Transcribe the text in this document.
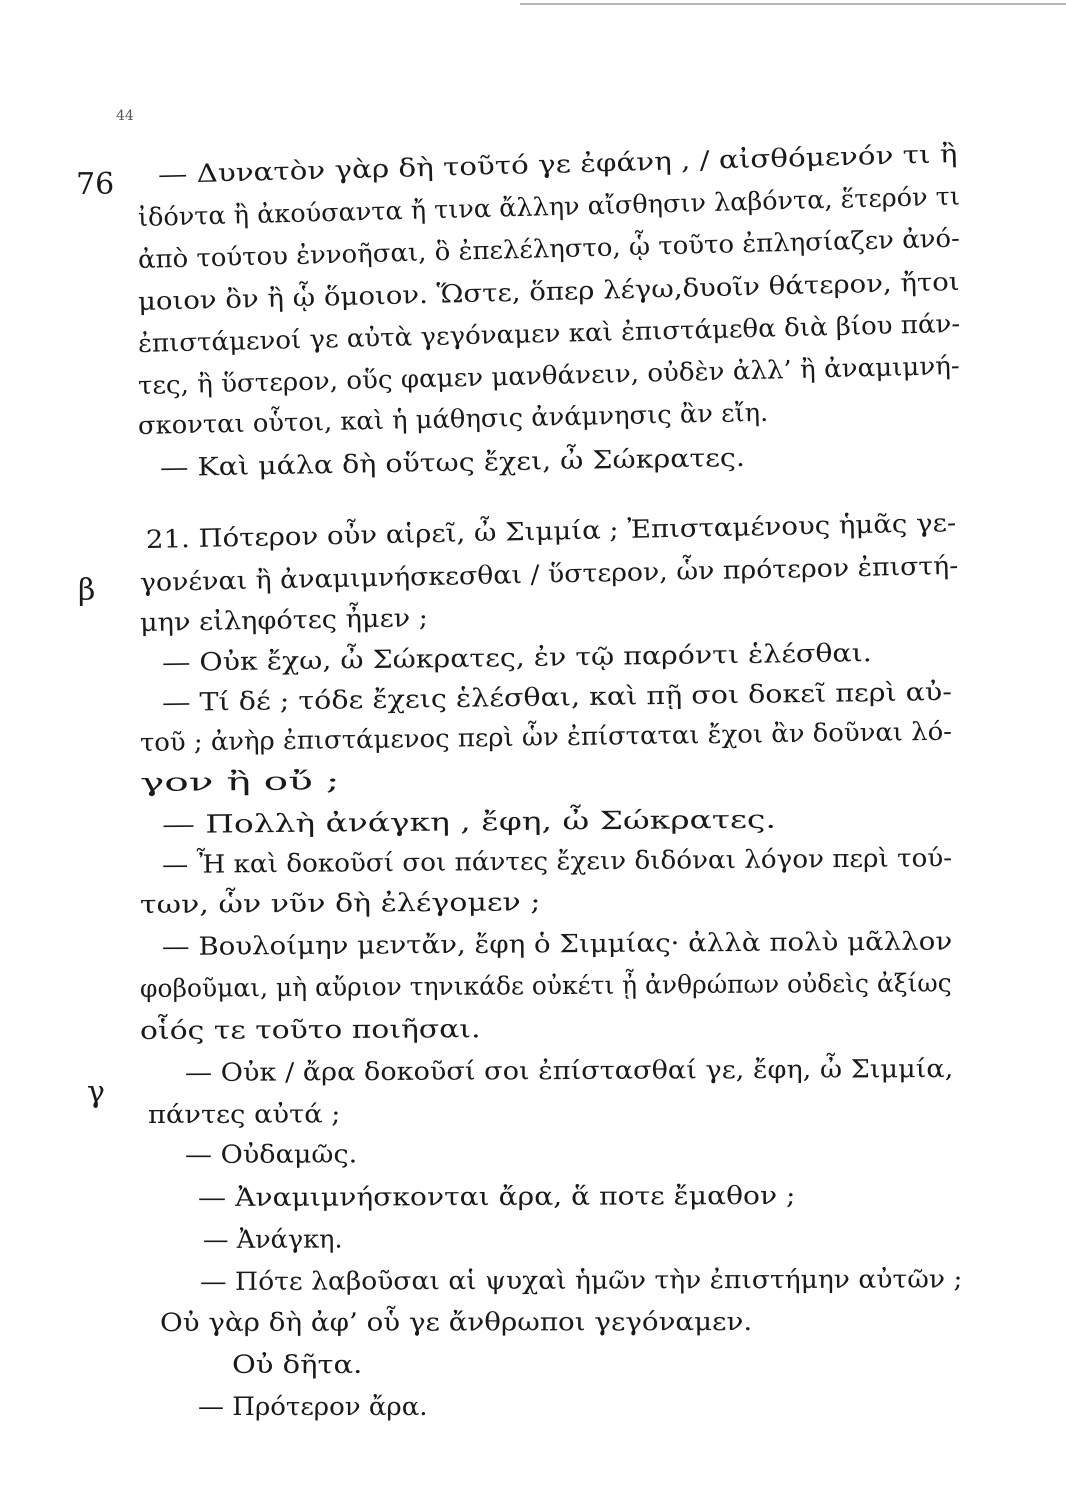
44
76
β
γ
— Δυνατὸν γὰρ δὴ τοῦτό γε ἐφάνη , / αἰσθόμενόν τι ἢ
ἰδόντα ἢ ἀκούσαντα ἤ τινα ἄλλην αἴσθησιν λαβόντα, ἕτερόν τι
ἀπὸ τούτου ἐννοῆσαι, ὃ ἐπελέληστο, ᾧ τοῦτο ἐπλησίαζεν ἀνό-
μοιον ὂν ἢ ᾧ ὅμοιον. Ὥστε, ὅπερ λέγω,δυοῖν θάτερον, ἤτοι
ἐπιστάμενοί γε αὐτὰ γεγόναμεν καὶ ἐπιστάμεθα διὰ βίου πάν-
τες, ἢ ὕστερον, οὕς φαμεν μανθάνειν, οὐδὲν ἀλλ’ ἢ ἀναμιμνή-
σκονται οὗτοι, καὶ ἡ μάθησις ἀνάμνησις ἂν εἴη.
— Καὶ μάλα δὴ οὕτως ἔχει, ὦ Σώκρατες.
21. Πότερον οὖν αἱρεῖ, ὦ Σιμμία ; Ἐπισταμένους ἡμᾶς γε-
γονέναι ἢ ἀναμιμνήσκεσθαι / ὕστερον, ὧν πρότερον ἐπιστή-
μην εἰληφότες ἦμεν ;
— Οὐκ ἔχω, ὦ Σώκρατες, ἐν τῷ παρόντι ἑλέσθαι.
— Τί δέ ; τόδε ἔχεις ἑλέσθαι, καὶ πῇ σοι δοκεῖ περὶ αὐ-
τοῦ ; ἀνὴρ ἐπιστάμενος περὶ ὧν ἐπίσταται ἔχοι ἂν δοῦναι λό-
γον ἢ οὔ ;
— Πολλὴ ἀνάγκη , ἔφη, ὦ Σώκρατες.
— Ἦ καὶ δοκοῦσί σοι πάντες ἔχειν διδόναι λόγον περὶ τού-
των, ὧν νῦν δὴ ἐλέγομεν ;
— Βουλοίμην μεντἄν, ἔφη ὁ Σιμμίας· ἀλλὰ πολὺ μᾶλλον
φοβοῦμαι, μὴ αὔριον τηνικάδε οὐκέτι ᾖ ἀνθρώπων οὐδεὶς ἀξίως
οἷός τε τοῦτο ποιῆσαι.
— Οὐκ / ἄρα δοκοῦσί σοι ἐπίστασθαί γε, ἔφη, ὦ Σιμμία,
πάντες αὐτά ;
— Οὐδαμῶς.
— Ἀναμιμνήσκονται ἄρα, ἅ ποτε ἔμαθον ;
— Ἀνάγκη.
— Πότε λαβοῦσαι αἱ ψυχαὶ ἡμῶν τὴν ἐπιστήμην αὐτῶν ;
Οὐ γὰρ δὴ ἀφ’ οὗ γε ἄνθρωποι γεγόναμεν.
Οὐ δῆτα.
— Πρότερον ἄρα.
